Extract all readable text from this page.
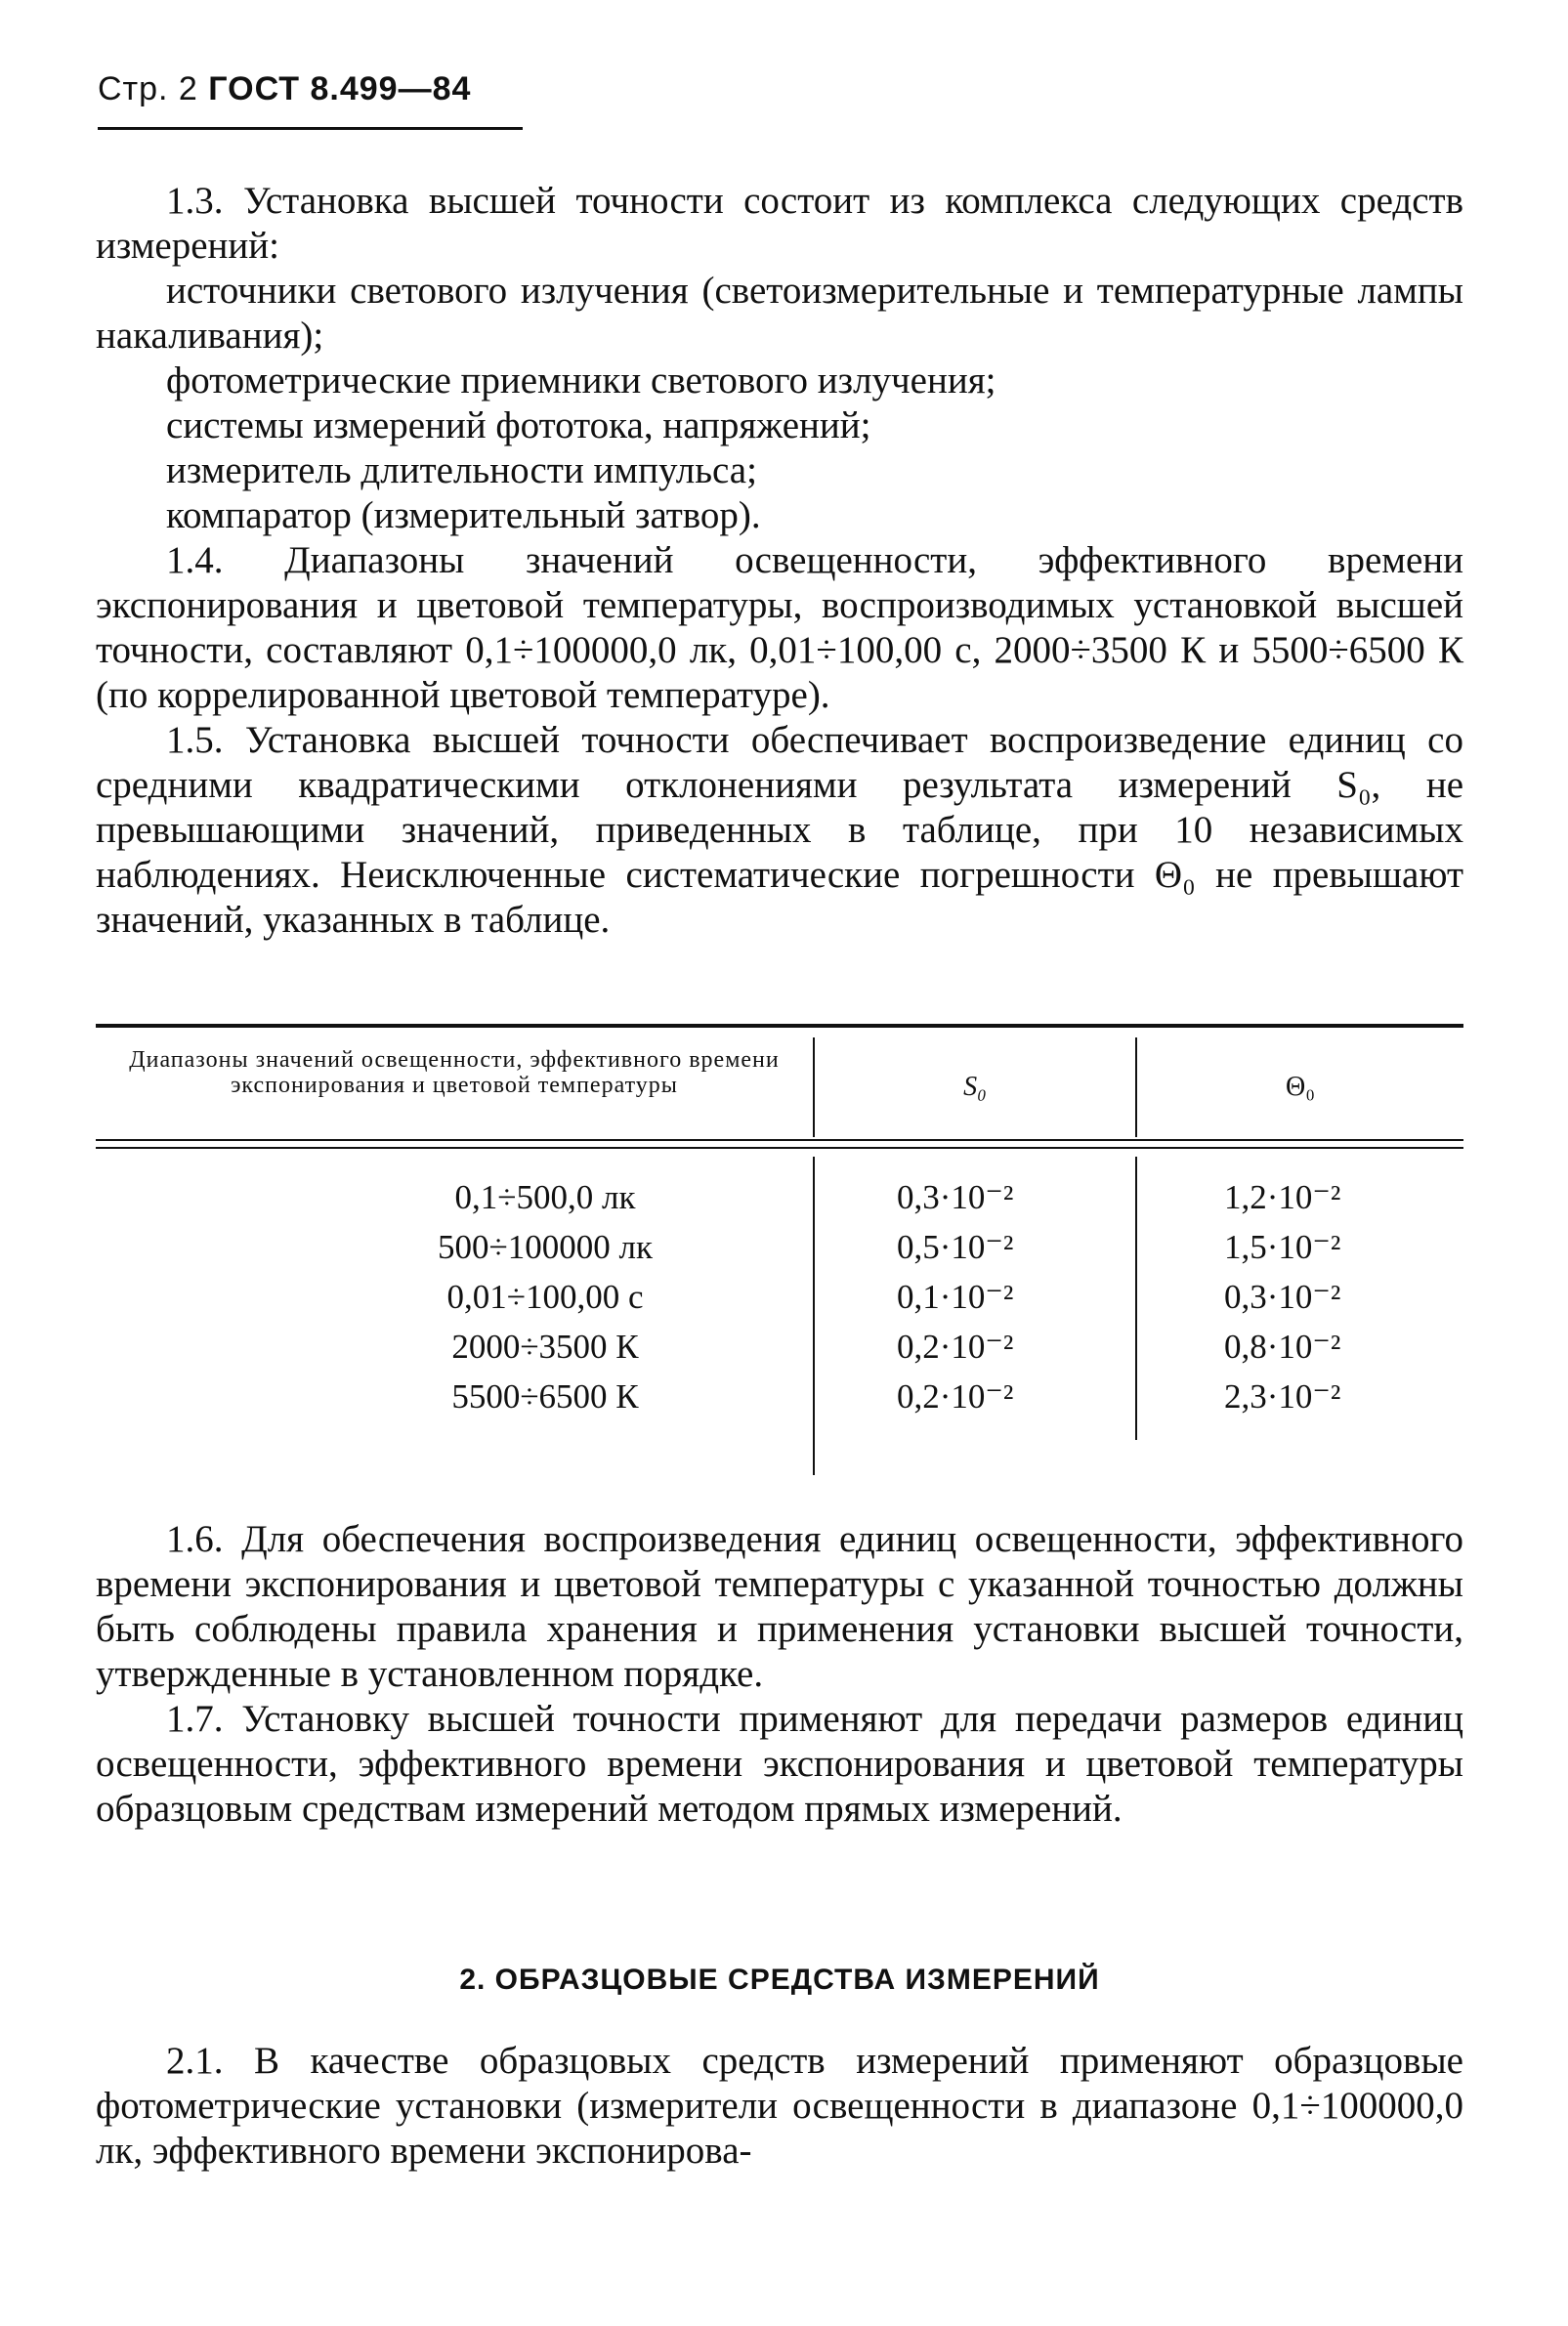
Стр. 2 ГОСТ 8.499—84

1.3. Установка высшей точности состоит из комплекса следующих средств измерений:

источники светового излучения (светоизмерительные и температурные лампы накаливания);

фотометрические приемники светового излучения;

системы измерений фототока, напряжений;

измеритель длительности импульса;

компаратор (измерительный затвор).

1.4. Диапазоны значений освещенности, эффективного времени экспонирования и цветовой температуры, воспроизводимых установкой высшей точности, составляют 0,1÷100000,0 лк, 0,01÷100,00 с, 2000÷3500 К и 5500÷6500 К (по коррелированной цветовой температуре).

1.5. Установка высшей точности обеспечивает воспроизведение единиц со средними квадратическими отклонениями результата измерений S₀, не превышающими значений, приведенных в таблице, при 10 независимых наблюдениях. Неисключенные систематические погрешности Θ₀ не превышают значений, указанных в таблице.

Диапазоны значений освещенности, эффективного времени экспонирования и цветовой температуры	S₀	Θ₀
0,1÷500,0 лк
500÷100000 лк
0,01÷100,00 с
2000÷3500 К
5500÷6500 К
0,3·10⁻²
0,5·10⁻²
0,1·10⁻²
0,2·10⁻²
0,2·10⁻²
1,2·10⁻²
1,5·10⁻²
0,3·10⁻²
0,8·10⁻²
2,3·10⁻²

1.6. Для обеспечения воспроизведения единиц освещенности, эффективного времени экспонирования и цветовой температуры с указанной точностью должны быть соблюдены правила хранения и применения установки высшей точности, утвержденные в установленном порядке.

1.7. Установку высшей точности применяют для передачи размеров единиц освещенности, эффективного времени экспонирования и цветовой температуры образцовым средствам измерений методом прямых измерений.

2. ОБРАЗЦОВЫЕ СРЕДСТВА ИЗМЕРЕНИЙ

2.1. В качестве образцовых средств измерений применяют образцовые фотометрические установки (измерители освещенности в диапазоне 0,1÷100000,0 лк, эффективного времени экспонирова-
